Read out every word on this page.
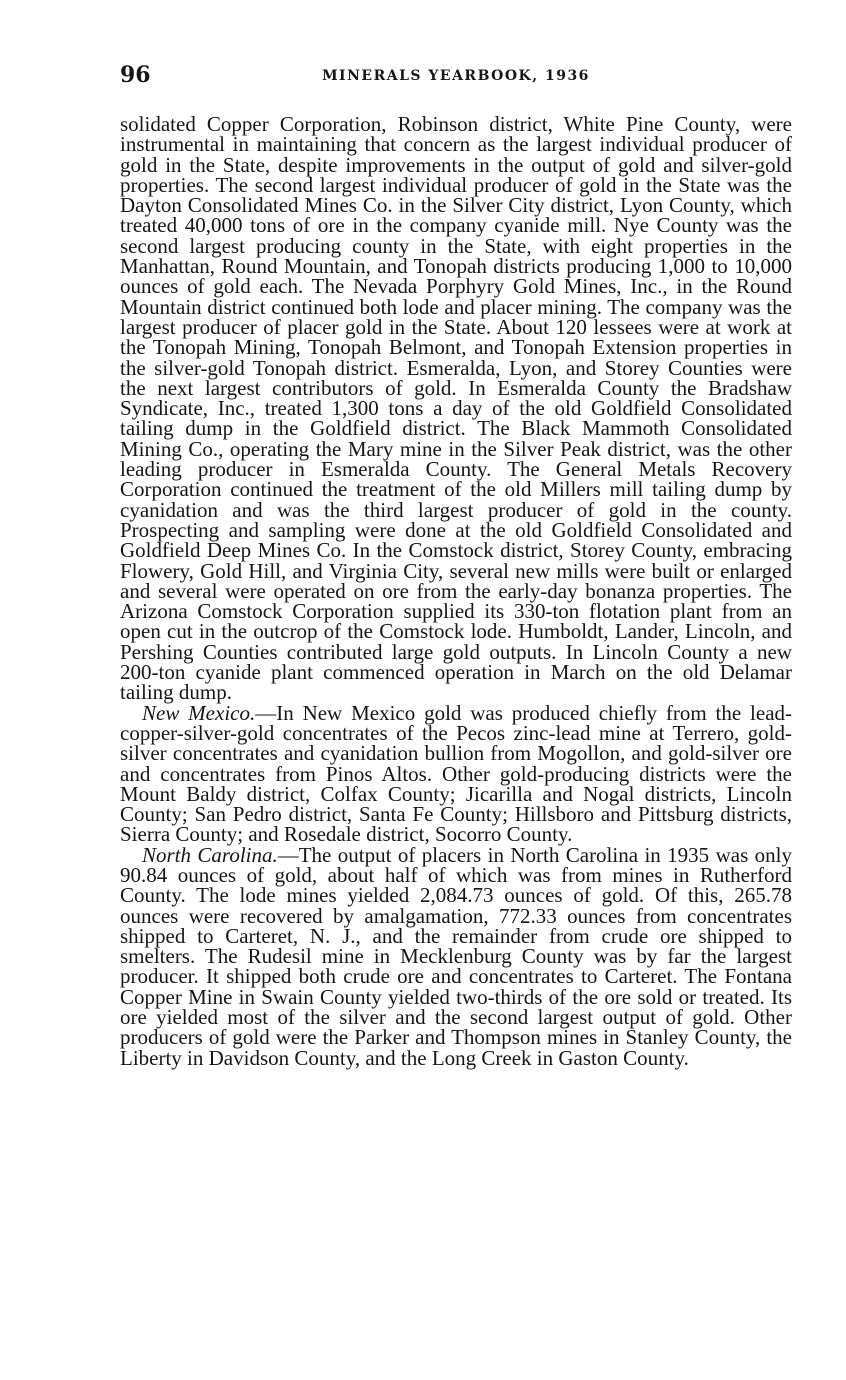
96	MINERALS YEARBOOK, 1936

solidated Copper Corporation, Robinson district, White Pine County, were instrumental in maintaining that concern as the largest individual producer of gold in the State, despite improvements in the output of gold and silver-gold properties. The second largest individual producer of gold in the State was the Dayton Consolidated Mines Co. in the Silver City district, Lyon County, which treated 40,000 tons of ore in the company cyanide mill. Nye County was the second largest producing county in the State, with eight properties in the Manhattan, Round Mountain, and Tonopah districts producing 1,000 to 10,000 ounces of gold each. The Nevada Porphyry Gold Mines, Inc., in the Round Mountain district continued both lode and placer mining. The company was the largest producer of placer gold in the State. About 120 lessees were at work at the Tonopah Mining, Tonopah Belmont, and Tonopah Extension properties in the silver-gold Tonopah district. Esmeralda, Lyon, and Storey Counties were the next largest contributors of gold. In Esmeralda County the Bradshaw Syndicate, Inc., treated 1,300 tons a day of the old Goldfield Consolidated tailing dump in the Goldfield district. The Black Mammoth Consolidated Mining Co., operating the Mary mine in the Silver Peak district, was the other leading producer in Esmeralda County. The General Metals Recovery Corporation continued the treatment of the old Millers mill tailing dump by cyanidation and was the third largest producer of gold in the county. Prospecting and sampling were done at the old Goldfield Consolidated and Goldfield Deep Mines Co. In the Comstock district, Storey County, embracing Flowery, Gold Hill, and Virginia City, several new mills were built or enlarged and several were operated on ore from the early-day bonanza properties. The Arizona Comstock Corporation supplied its 330-ton flotation plant from an open cut in the outcrop of the Comstock lode. Humboldt, Lander, Lincoln, and Pershing Counties contributed large gold outputs. In Lincoln County a new 200-ton cyanide plant commenced operation in March on the old Delamar tailing dump.

New Mexico.—In New Mexico gold was produced chiefly from the lead-copper-silver-gold concentrates of the Pecos zinc-lead mine at Terrero, gold-silver concentrates and cyanidation bullion from Mogollon, and gold-silver ore and concentrates from Pinos Altos. Other gold-producing districts were the Mount Baldy district, Colfax County; Jicarilla and Nogal districts, Lincoln County; San Pedro district, Santa Fe County; Hillsboro and Pittsburg districts, Sierra County; and Rosedale district, Socorro County.

North Carolina.—The output of placers in North Carolina in 1935 was only 90.84 ounces of gold, about half of which was from mines in Rutherford County. The lode mines yielded 2,084.73 ounces of gold. Of this, 265.78 ounces were recovered by amalgamation, 772.33 ounces from concentrates shipped to Carteret, N. J., and the remainder from crude ore shipped to smelters. The Rudesil mine in Mecklenburg County was by far the largest producer. It shipped both crude ore and concentrates to Carteret. The Fontana Copper Mine in Swain County yielded two-thirds of the ore sold or treated. Its ore yielded most of the silver and the second largest output of gold. Other producers of gold were the Parker and Thompson mines in Stanley County, the Liberty in Davidson County, and the Long Creek in Gaston County.
